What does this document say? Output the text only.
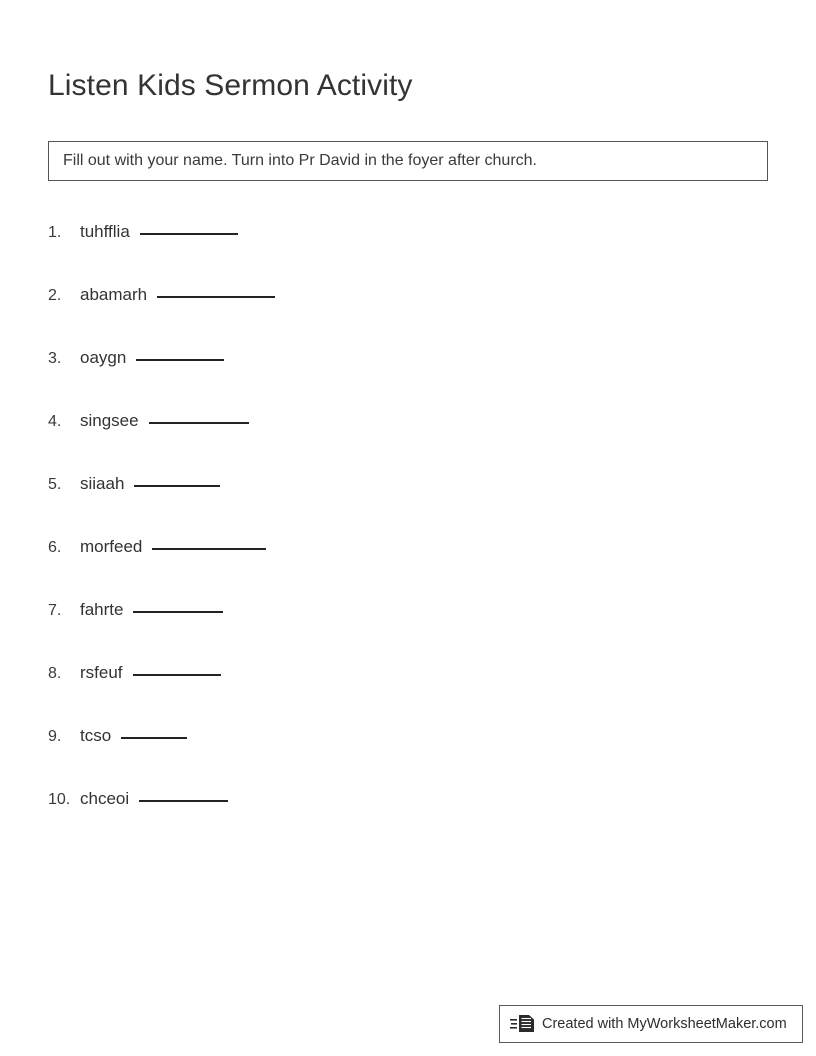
Listen Kids Sermon Activity
Fill out with your name. Turn into Pr David in the foyer after church.
1.	tuhfflia
2.	abamarh
3.	oaygn
4.	singsee
5.	siiaah
6.	morfeed
7.	fahrte
8.	rsfeuf
9.	tcso
10. chceoi
Created with MyWorksheetMaker.com
